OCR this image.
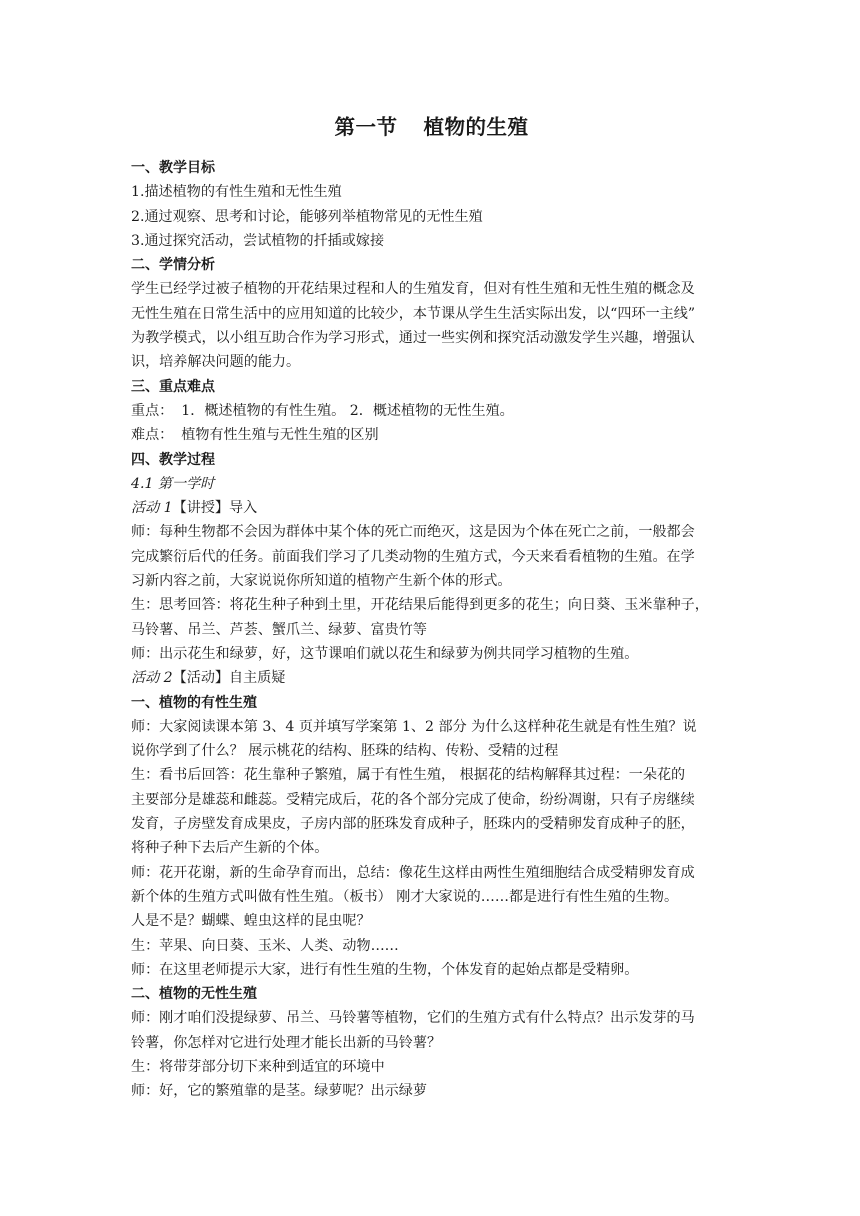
第一节 植物的生殖
一、教学目标
1.描述植物的有性生殖和无性生殖
2.通过观察、思考和讨论，能够列举植物常见的无性生殖
3.通过探究活动，尝试植物的扦插或嫁接
二、学情分析
学生已经学过被子植物的开花结果过程和人的生殖发育，但对有性生殖和无性生殖的概念及
无性生殖在日常生活中的应用知道的比较少，本节课从学生生活实际出发，以“四环一主线”
为教学模式，以小组互助合作为学习形式，通过一些实例和探究活动激发学生兴趣，增强认
识，培养解决问题的能力。
三、重点难点
重点： 1．概述植物的有性生殖。 2．概述植物的无性生殖。
难点： 植物有性生殖与无性生殖的区别
四、教学过程
4.1 第一学时
活动 1【讲授】导入
师：每种生物都不会因为群体中某个体的死亡而绝灭，这是因为个体在死亡之前，一般都会
完成繁衍后代的任务。前面我们学习了几类动物的生殖方式，今天来看看植物的生殖。在学
习新内容之前，大家说说你所知道的植物产生新个体的形式。
生：思考回答：将花生种子种到土里，开花结果后能得到更多的花生；向日葵、玉米靠种子，
马铃薯、吊兰、芦荟、蟹爪兰、绿萝、富贵竹等
师：出示花生和绿萝，好，这节课咱们就以花生和绿萝为例共同学习植物的生殖。
活动 2【活动】自主质疑
一、植物的有性生殖
师：大家阅读课本第 3、4 页并填写学案第 1、2 部分 为什么这样种花生就是有性生殖？说
说你学到了什么？ 展示桃花的结构、胚珠的结构、传粉、受精的过程
生：看书后回答：花生靠种子繁殖，属于有性生殖， 根据花的结构解释其过程：一朵花的
主要部分是雄蕊和雌蕊。受精完成后，花的各个部分完成了使命，纷纷凋谢，只有子房继续
发育，子房壁发育成果皮，子房内部的胚珠发育成种子，胚珠内的受精卵发育成种子的胚，
将种子种下去后产生新的个体。
师：花开花谢，新的生命孕育而出，总结：像花生这样由两性生殖细胞结合成受精卵发育成
新个体的生殖方式叫做有性生殖。（板书） 刚才大家说的……都是进行有性生殖的生物。
人是不是？蝴蝶、蝗虫这样的昆虫呢？
生：苹果、向日葵、玉米、人类、动物……
师：在这里老师提示大家，进行有性生殖的生物，个体发育的起始点都是受精卵。
二、植物的无性生殖
师：刚才咱们没提绿萝、吊兰、马铃薯等植物，它们的生殖方式有什么特点？出示发芽的马
铃薯，你怎样对它进行处理才能长出新的马铃薯？
生：将带芽部分切下来种到适宜的环境中
师：好，它的繁殖靠的是茎。绿萝呢？出示绿萝
